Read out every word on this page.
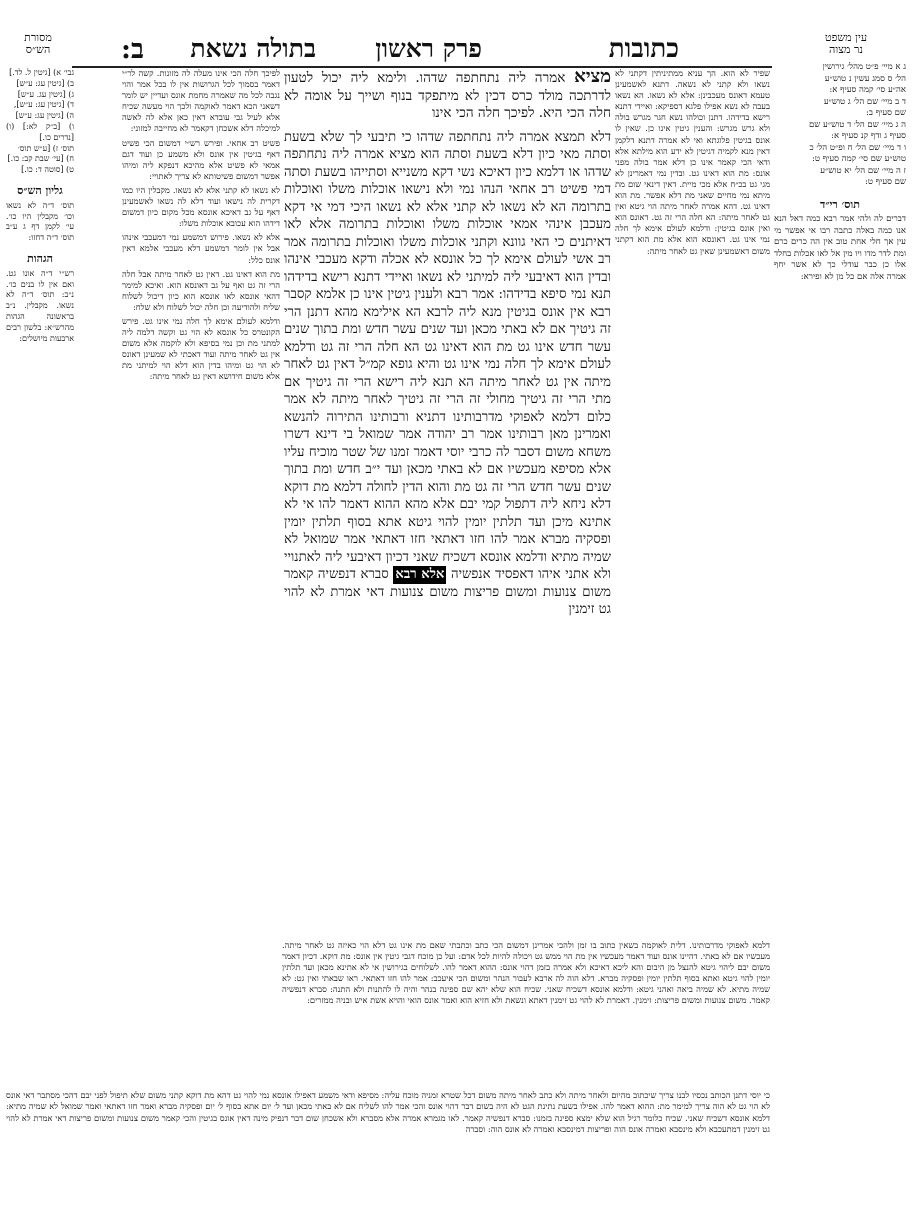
מסורת
הש״ס
עין משפט
נר מצוה
ב: בתולה נשאת פרק ראשון	כתובות
ג א מיי׳ פ״ט מהל׳ גירושין
הל׳ ס סמג עשין נ טוש״ע
אה״ע סי׳ קמה סעיף א:
ד ב מיי׳ שם הל׳ ג טוש״ע
שם סעיף ב:
ה ג מיי׳ שם הל׳ ד טוש״ע שם
סעיף ג ודף קנ סעיף א:
ו ד מיי׳ שם הל׳ ח ופ״ט הל׳ כ
טוש״ע שם סי׳ קמה סעיף ט:
ז ה מיי׳ שם הל׳ יא טוש״ע
שם סעיף ט:
תוס׳ רי״ד
דברים לה ולהי אמר רבא כמה דאל הנא אנו כמה באלה כתבה רבו אי אפשר מי עין אך חלי אחת טוב אין הה כרים כרם ומת לדר מדו ויו מין אל לאו אכלות בחלד אלו כן כבר עודלי כך לא אשר יחף אמרה אלה אם כל מן לא ופירא:
גבי׳ א) [גיטין ל. לד.]
ב) [גיטין עג: ע״ש]
ג) [גיטין עג. ע״ש]
ד) [גיטין עג: ע״ש],
ה) [גיטין עג: ע״ש]
ו) [ב״ק לא:] (ו) [נדרים כו.]
תוס׳ ז) [ע״ש תוס׳
ח) [עי׳ שבת קב: כו.]
ט) [סוטה ד: כו.]
גליון הש״ס
תוס׳ ד״ה לא נשאו וכו׳ מקבלין היו כו׳. עי׳ לקמן דף ג ע״ב תוס׳ ד״ה דחזו:
הגהות
רש״י ד״ה אונו גט. ואם אין לו בנים כו׳. נ״ב: תוס׳ ד״ה לא נשאו. מקבלין. נ״ב בראשונה הגהות מהרש״א: בלשון רבים ארבעות מיושלים:

לפיכך חלה הכי אינו מעלה לה מזונות. קשה לר״י דאמר בסמוך לכל הגרושות אין לו בכל אמר והוי נגבה לכל מה שאמרה מחמת אונס ועדיין יש לומר דשאני הכא דאמר לאוקמה ולכך הוי מעשה שכיח אלא לעיל גבי עובדא דאין כאן אלא לה לאשה למיכלה דלא אשכחן דקאמר לא מחייבה למזוני:

פשיט רב אחאי. ופירש רש״י דמשום הכי פשיט דאף בגיטין אין אונס ולא משמע כן ועוד דגם אמאי לא פשיט אלא מהיכא דנפקא ליה ומיהו אפשר דמשום פשיטותא לא צריך לאתויי:

לא נשאו לא קתני אלא לא נשאו. מקבלין היו כמו דקרית לה נישאו ועוד דלא לה נשאו לאשמעינן דאף על גב דאיכא אונסא מכל מקום כיון דמשום דידהו הוא עכובא אוכלות משלו:

אלא לא נשאו. פירוש דמשמע נמי דמעכבי אינהו אבל אין לומר דמשמע דלא מעכבי אלמא דאין אונס כלל:

מת הוא דאינו גט. דאין גט לאחר מיתה אבל חלה הרי זה גט ואף על גב דאונסא הוא. ואיכא למימר דהאי אונסא לאו אונסא הוא כיון דיכול לשלוח שליח ולהודיעה וכן חלה יכול לשלוח ולא שלח:

ודלמא לעולם אימא לך חלה נמי אינו גט. פירש הקונטרס כל אונסא לא הוי גט וקשה דלמה ליה למתני מת וכן נמי בסיפא ולא לוקמה אלא משום אין גט לאחר מיתה ועוד דאכתי לא שמעינן דאונס לא הוי גט ומיהו בדין הוא דלא הוי למיתני מת אלא משום חידושא דאין גט לאחר מיתה:

מציא אמרה ליה נתחתפה שדהו. ולימא ליה יכול לטעון לדרתכה מולד כרס דכין לא מיתפקד בנוף ושייך על אומה לא חלה הכי היא. לפיכך חלה הכי אינו

דלא תמצא אמרה ליה נתחתפה שדהו כי תיבעי לך שלא בשעת וסתה מאי כיון דלא בשעת וסתה הוא מציא אמרה ליה נתחתפה שדהו או דלמא כיון דאיכא נשי דקא משנייא וסתייהו בשעת וסתה דמי פשיט רב אחאי הנהו נמי ולא נישאו אוכלות משלו ואוכלות בתרומה הא לא נשאו לא קתני אלא לא נשאו היכי דמי אי דקא מעכבן אינהי אמאי אוכלות משלו ואוכלות בתרומה אלא לאו דאיתנים כי האי גוונא וקתני אוכלות משלו ואוכלות בתרומה אמר רב אשי לעולם אימא לך כל אונסא לא אכלה ודקא מעכבי אינהו ובדין הוא דאיבעי ליה למיתני לא נשאו ואיידי דתנא רישא בדידהו תנא נמי סיפא בדידהו: אמר רבא ולענין גיטין אינו כן אלמא קסבר רבא אין אונס בגיטין מנא ליה לרבא הא אילימא מהא דתנן הרי זה גיטיך אם לא באתי מכאן ועד שנים עשר חדש ומת בתוך שנים עשר חדש אינו גט מת הוא דאינו גט הא חלה הרי זה גט ודלמא לעולם אימא לך חלה נמי אינו גט והיא גופא קמ״ל דאין גט לאחר מיתה אין גט לאחר מיתה הא תנא ליה רישא הרי זה גיטיך אם מתי הרי זה גיטיך מחולי זה הרי זה גיטיך לאחר מיתה לא אמר כלום דלמא לאפוקי מדרבותינו דתניא ורבותינו התירוה להנשא ואמרינן מאן רבותינו אמר רב יהודה אמר שמואל בי דינא דשרו משחא משום דסבר לה כרבי יוסי דאמר זמנו של שטר מוכיח עליו אלא מסיפא מעכשיו אם לא באתי מכאן ועד י״ב חדש ומת בתוך שנים עשר חדש הרי זה גט מת והוא הדין לחולה דלמא מת דוקא דלא ניחא ליה דתפול קמי יבם אלא מהא ההוא דאמר להו אי לא אתינא מיכן ועד תלתין יומין להוי גיטא אתא בסוף תלתין יומין ופסקיה מברא אמר להו חזו דאתאי חזו דאתאי אמר שמואל לא שמיה מתיא ודלמא אונסא דשכיח שאני דכיון דאיבעי ליה לאתנויי ולא אתני איהו דאפסיד אנפשיה אלא רבא סברא דנפשיה קאמר משום צנועות ומשום פריצות משום צנועות דאי אמרת לא להוי גט זימנין

שפיר לא הוא. הך עניא ממתיניתין דקתני לא נשאו ולא קתני לא נשאה. דתנא לאשמעינן טעמא דאונס מעכבינן: אלא לא נשאו. הא נשאו בעבה לא נשא אפילו פלגא דספיקא: ואיידי דתנא רישא בדידהו. דתנן וכולהו נשא חגר מגרש בולה ולא גרש מגרש: והענין גיטין אינו כן. שאין לו אונס בגיטין פלוגתא ואי לא אמרה דתנא דלקמן דאין מנא לקמיה דגיטין לא ידע הוא מילתא אלא ודאי הכי קאמר אינו כן דלא אמר בולה מפני אונס: מת הוא דאינו גט. ובדין נמי דאמרינן לא מגי גט בכ״ח אלא מכי מיית. דאין דינאי שום מת מיתא נמי מחיים שאני מת דלא אפשר. מת הוא דאינו גט. דהא אמרה לאחר מיתה הוי גיטא ואין גט לאחר מיתה: הא חלה הרי זה גט. דאונס הוא ואין אונס בגיטין: ודלמא לעולם אימא לך חלה נמי אינו גט. דאונסא הוא אלא מת הוא דקתני משום דאשמעינן שאין גט לאחר מיתה:
דלמא לאפוקי מדרבותינו. דלית לאוקמה בשאין כתוב בו זמן ולהכי אמרינן דמשום הכי כתב וכתבתי שאם מת אינו גט דלא הוי כאיזה גט לאחר מיתה. מעכשיו אם לא באתי. דהיינו אונס ועוד דאמר מעכשיו אין מת הוי ממש גט ויכולה להיות לכל אדם: ועל כן מוכח דגבי גיטין אין אונס: מת דוקא. דכיון דאמר משום יבם ליהוי גיטא להנצל מן היבום והא ליכא דאיכא ולא אמרה בזמן דהוי אונס: ההוא דאמר להו. לשלוחים בגירושין אי לא אתינא מכאן ועד תלתין יומין להוי גיטא ואתא בסוף תלתין יומין ופסקיה מברא. דלא הוה לה ארבא לעבור הנהר ומשום הכי איעכב: אמר להו חזו דאתאי. ראו שבאתי ואין גט: לא שמיה מתיא. לא שמיה ביאה ואהני גיטא: ודלמא אונסא דשכיח שאני. שכיח הוא שלא יהא שם ספינה בנהר והיה לו להתנות ולא התנה: סברא דנפשיה קאמר. משום צנועות ומשום פריצות: זימנין. דאמרת לא להוי גט זימנין דאתא ונשאת ולא חזיא הוא ואמר אונס הואי והויא אשת איש ובניה ממזרים:
כי יוסי דתנן הכותב נכסיו לבנו צריך שיכתוב מהיום ולאחר מיתה ולא כתב לאחר מיתה משום דכל שטרא זמניה מוכח עליה: מסיפא ודאי משמע דאפילו אונסא נמי להוי גט דהא מת דוקא קתני משום שלא תיפול לפני יבם דהכי מסתבר דאי אונס לא הוי גט לא הוה צריך למימר מת: ההוא דאמר להו. אפילו בשעת נתינת הגט לא היה בשום דבר דהוי אונס והכי אמר להו לשליח אם לא באתי מכאן ועד ל׳ יום אתא בסוף ל׳ יום ופסקיה מברא ואמר חזו דאתאי ואמר שמואל לא שמיה מתיא: דלמא אונסא דשכיח שאני. שכיח כלומר רגיל הוא שלא ימצא ספינה בזמנו: סברא דנפשיה קאמר. לאו מגמרא אמרה אלא מסברא ולא אשכחן שום דבר דנפיק מינה דאין אונס בגיטין והכי קאמר משום צנועות ומשום פריצות דאי אמרת לא להוי גט זימנין דמתעכבא ולא מינסבא ואמרה אונס הוה ופריצות דמינסבא ואמרה לא אונס הוה: וסברה
